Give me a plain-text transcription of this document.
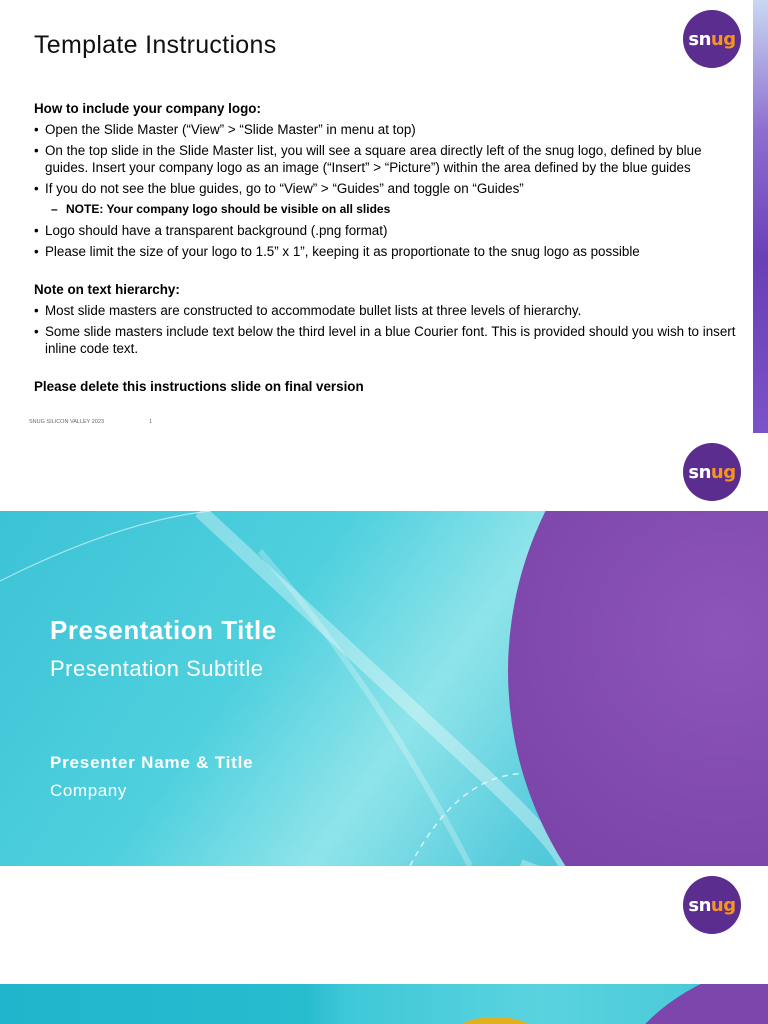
sn ug
Template Instructions
How to include your company logo:
• Open the Slide Master (“View” > “Slide Master” in menu at top)
• On the top slide in the Slide Master list, you will see a square area directly left of the snug logo, defined by blue guides. Insert your company logo as an image (“Insert” > “Picture”) within the area defined by the blue guides
• If you do not see the blue guides, go to “View” > “Guides” and toggle on “Guides”
– NOTE: Your company logo should be visible on all slides
• Logo should have a transparent background (.png format)
• Please limit the size of your logo to 1.5” x 1”, keeping it as proportionate to the snug logo as possible
Note on text hierarchy:
• Most slide masters are constructed to accommodate bullet lists at three levels of hierarchy.
• Some slide masters include text below the third level in a blue Courier font. This is provided should you wish to insert inline code text.
Please delete this instructions slide on final version
SNUG SILICON VALLEY 2023	1
sn ug
Presentation Title
Presentation Subtitle
Presenter Name & Title
Company
sn ug
